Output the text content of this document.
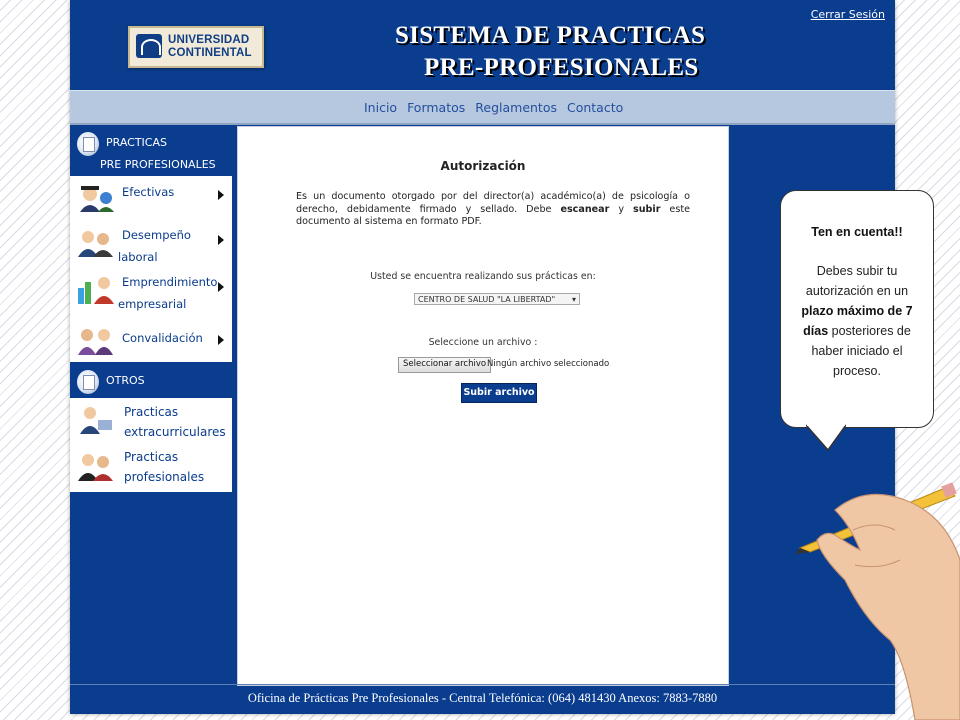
UNIVERSIDAD
CONTINENTAL
SISTEMA DE PRACTICAS
PRE-PROFESIONALES
Cerrar Sesión
Inicio Formatos Reglamentos Contacto
PRACTICAS
PRE PROFESIONALES
Efectivas
Desempeño
laboral
Emprendimiento
empresarial
Convalidación
OTROS
Practicas
extracurriculares
Practicas
profesionales
Autorización
Es un documento otorgado por del director(a) académico(a) de psicología o derecho, debidamente firmado y sellado. Debe escanear y subir este documento al sistema en formato PDF.
Usted se encuentra realizando sus prácticas en:
CENTRO DE SALUD "LA LIBERTAD" ▾
Seleccione un archivo :
Seleccionar archivo Ningún archivo seleccionado
Subir archivo
Oficina de Prácticas Pre Profesionales - Central Telefónica: (064) 481430 Anexos: 7883-7880
Ten en cuenta!!
Debes subir tu autorización en un plazo máximo de 7 días posteriores de haber iniciado el proceso.
